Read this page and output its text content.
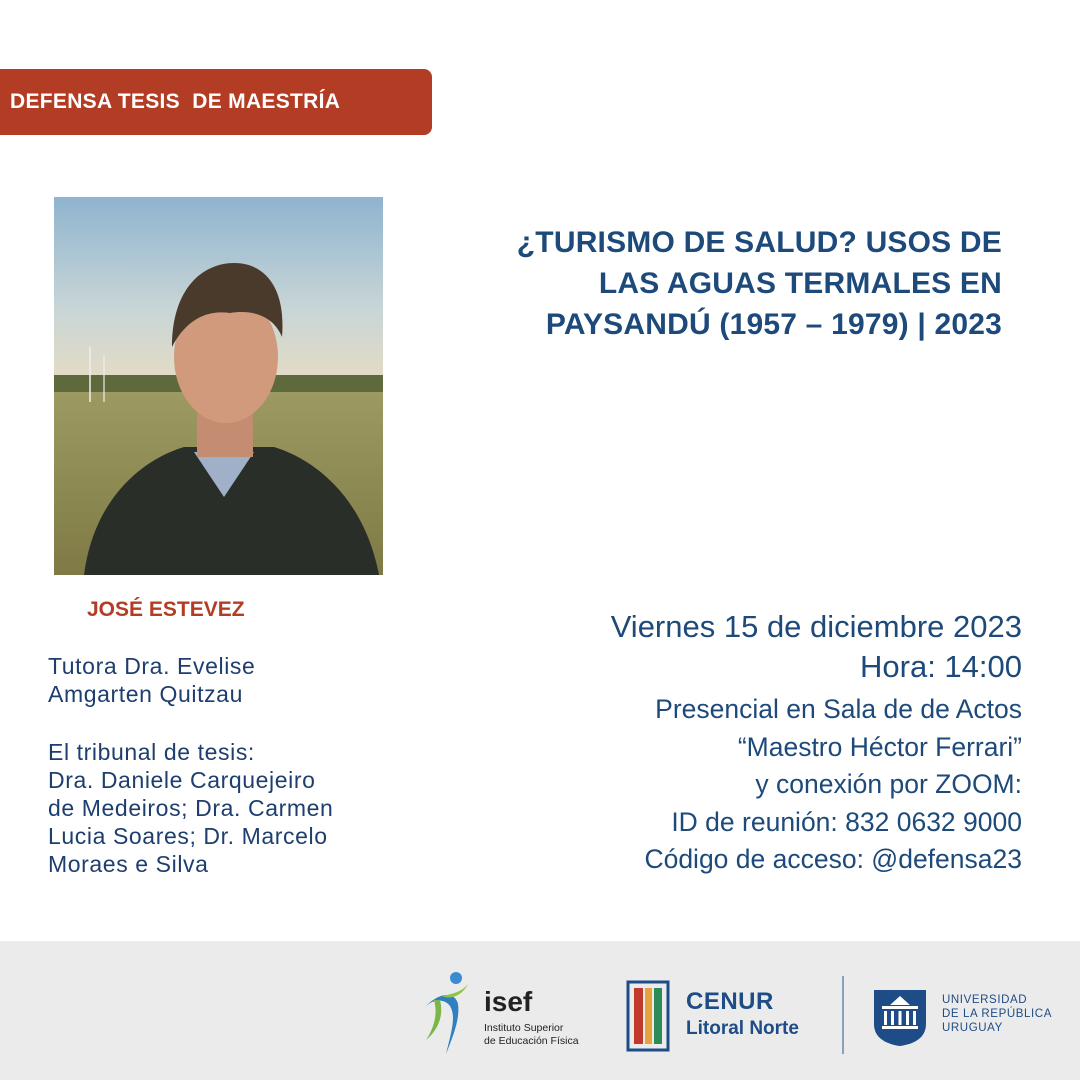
DEFENSA TESIS  DE MAESTRÍA
JOSÉ ESTEVEZ
Tutora Dra. Evelise
Amgarten Quitzau
El tribunal de tesis:
Dra. Daniele Carquejeiro
de Medeiros; Dra. Carmen
Lucia Soares; Dr. Marcelo
Moraes e Silva
¿TURISMO DE SALUD? USOS DE
LAS AGUAS TERMALES EN
PAYSANDÚ (1957 – 1979) | 2023
Viernes 15 de diciembre 2023
Hora: 14:00
Presencial en Sala de de Actos
“Maestro Héctor Ferrari”
y conexión por ZOOM:
ID de reunión: 832 0632 9000
Código de acceso: @defensa23
isef
Instituto Superior
de Educación Física
CENUR
Litoral Norte
UNIVERSIDAD
DE LA REPÚBLICA
URUGUAY
